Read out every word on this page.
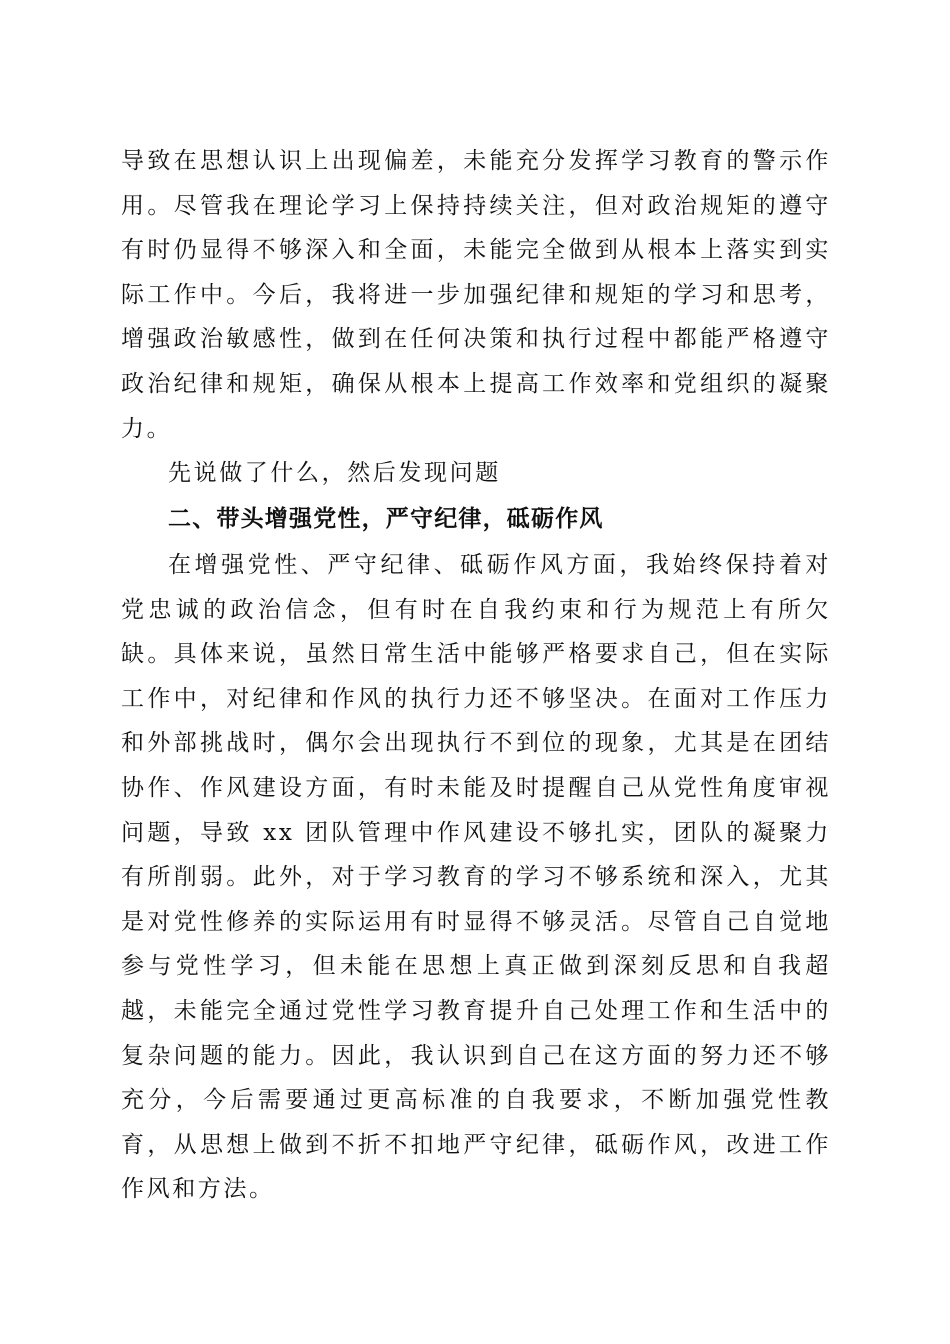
导致在思想认识上出现偏差，未能充分发挥学习教育的警示作用。尽管我在理论学习上保持持续关注，但对政治规矩的遵守有时仍显得不够深入和全面，未能完全做到从根本上落实到实际工作中。今后，我将进一步加强纪律和规矩的学习和思考，增强政治敏感性，做到在任何决策和执行过程中都能严格遵守政治纪律和规矩，确保从根本上提高工作效率和党组织的凝聚力。

先说做了什么，然后发现问题

二、带头增强党性，严守纪律，砥砺作风

在增强党性、严守纪律、砥砺作风方面，我始终保持着对党忠诚的政治信念，但有时在自我约束和行为规范上有所欠缺。具体来说，虽然日常生活中能够严格要求自己，但在实际工作中，对纪律和作风的执行力还不够坚决。在面对工作压力和外部挑战时，偶尔会出现执行不到位的现象，尤其是在团结协作、作风建设方面，有时未能及时提醒自己从党性角度审视问题，导致 xx 团队管理中作风建设不够扎实，团队的凝聚力有所削弱。此外，对于学习教育的学习不够系统和深入，尤其是对党性修养的实际运用有时显得不够灵活。尽管自己自觉地参与党性学习，但未能在思想上真正做到深刻反思和自我超越，未能完全通过党性学习教育提升自己处理工作和生活中的复杂问题的能力。因此，我认识到自己在这方面的努力还不够充分，今后需要通过更高标准的自我要求，不断加强党性教育，从思想上做到不折不扣地严守纪律，砥砺作风，改进工作作风和方法。
